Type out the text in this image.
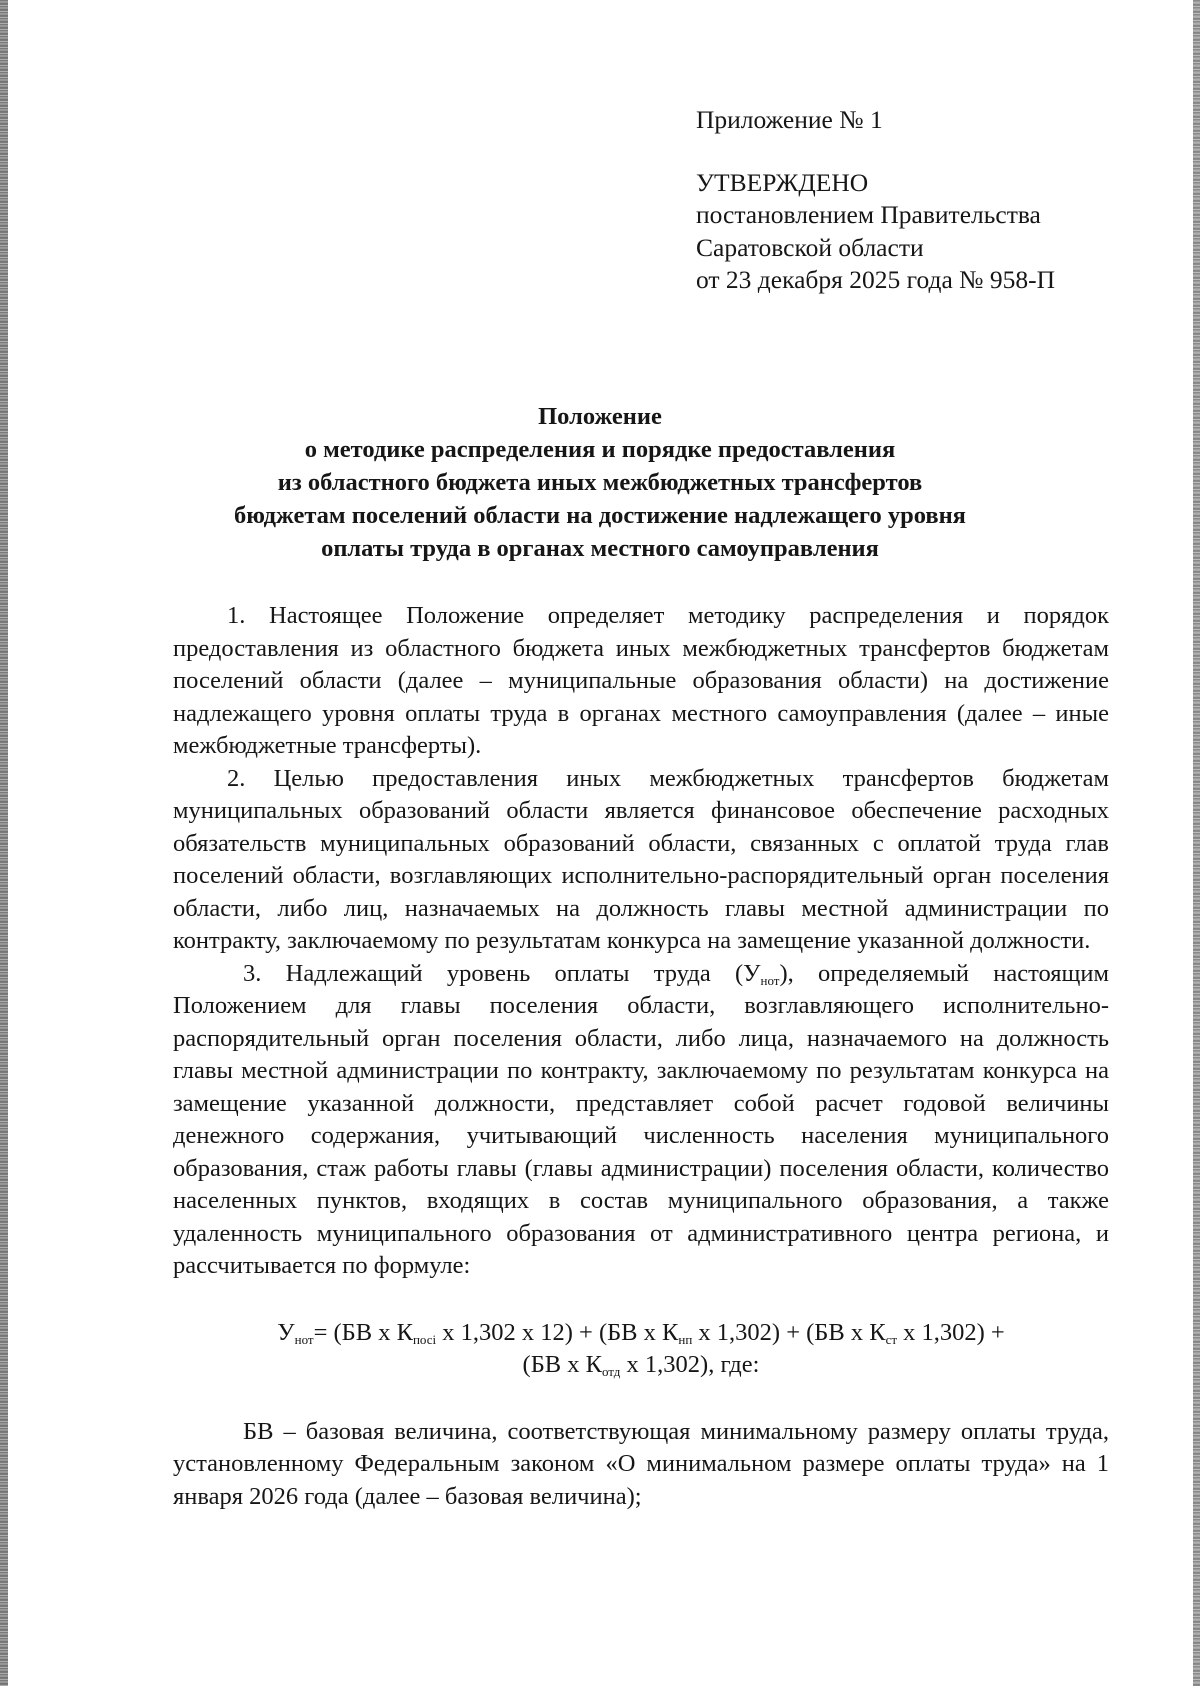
Приложение № 1
УТВЕРЖДЕНО
постановлением Правительства
Саратовской области
от 23 декабря 2025 года № 958-П
Положение
о методике распределения и порядке предоставления
из областного бюджета иных межбюджетных трансфертов
бюджетам поселений области на достижение надлежащего уровня
оплаты труда в органах местного самоуправления

1. Настоящее Положение определяет методику распределения и порядок предоставления из областного бюджета иных межбюджетных трансфертов бюджетам поселений области (далее – муниципальные образования области) на достижение надлежащего уровня оплаты труда в органах местного самоуправления (далее – иные межбюджетные трансферты).

2. Целью предоставления иных межбюджетных трансфертов бюджетам муниципальных образований области является финансовое обеспечение расходных обязательств муниципальных образований области, связанных с оплатой труда глав поселений области, возглавляющих исполнительно-распорядительный орган поселения области, либо лиц, назначаемых на должность главы местной администрации по контракту, заключаемому по результатам конкурса на замещение указанной должности.

3. Надлежащий уровень оплаты труда $(У_{нот})$, определяемый настоящим Положением для главы поселения области, возглавляющего исполнительно-распорядительный орган поселения области, либо лица, назначаемого на должность главы местной администрации по контракту, заключаемому по результатам конкурса на замещение указанной должности, представляет собой расчет годовой величины денежного содержания, учитывающий численность населения муниципального образования, стаж работы главы (главы администрации) поселения области, количество населенных пунктов, входящих в состав муниципального образования, а также удаленность муниципального образования от административного центра региона, и рассчитывается по формуле:

$У_{нот}= (БВ$ х $К_{посі}$ х 1,302 х 12) + (БВ х $К_{нп}$ х 1,302) + (БВ х $К_{ст}$ х 1,302) +
(БВ х $К_{отд}$ х 1,302), где:

БВ – базовая величина, соответствующая минимальному размеру оплаты труда, установленному Федеральным законом «О минимальном размере оплаты труда» на 1 января 2026 года (далее – базовая величина);
